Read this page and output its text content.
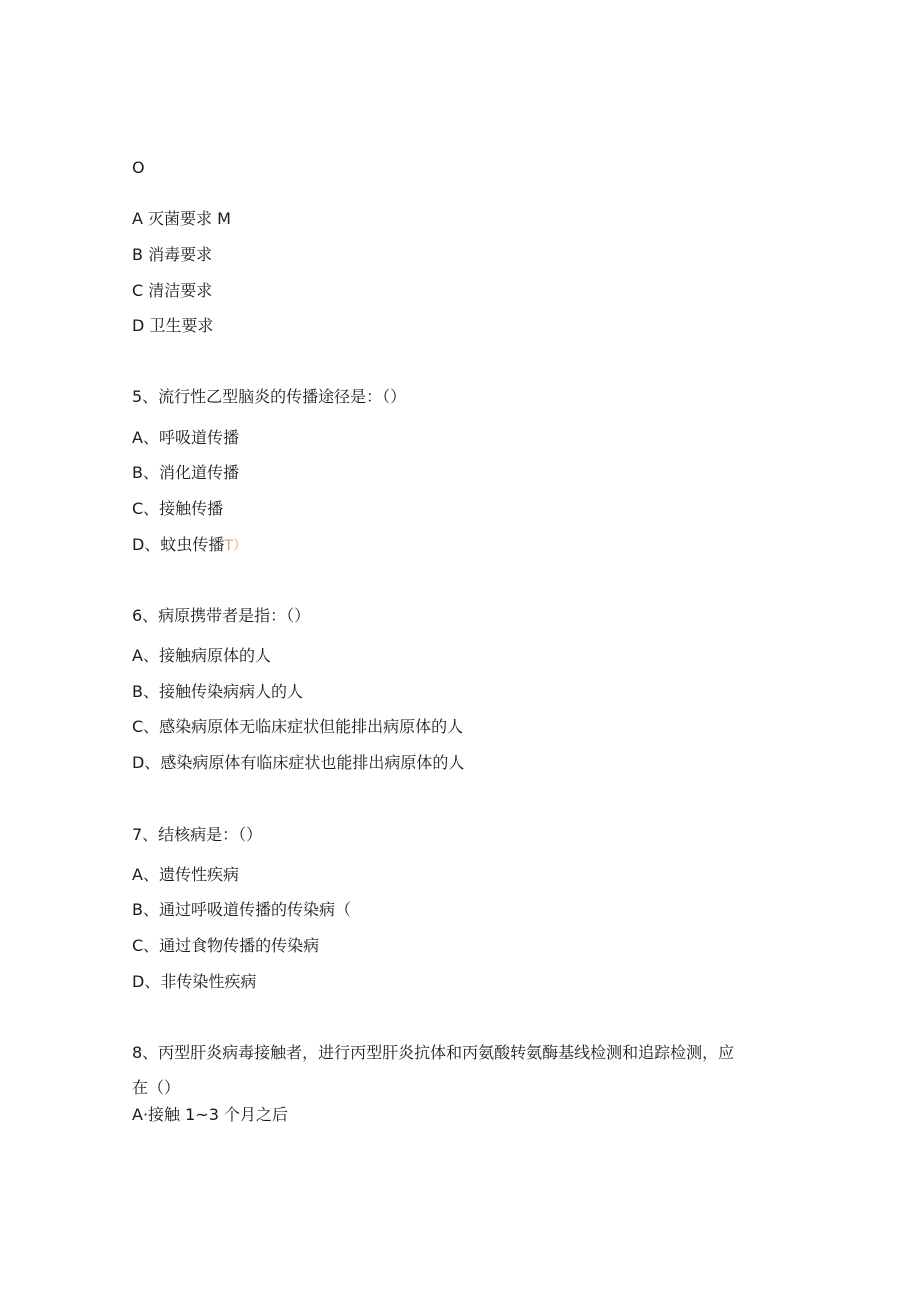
O
A 灭菌要求 M
B 消毒要求
C 清洁要求
D 卫生要求
5、流行性乙型脑炎的传播途径是：（）
A、呼吸道传播
B、消化道传播
C、接触传播
D、蚊虫传播T）
6、病原携带者是指：（）
A、接触病原体的人
B、接触传染病病人的人
C、感染病原体无临床症状但能排出病原体的人
D、感染病原体有临床症状也能排出病原体的人
7、结核病是：（）
A、遗传性疾病
B、通过呼吸道传播的传染病（
C、通过食物传播的传染病
D、非传染性疾病
8、丙型肝炎病毒接触者，进行丙型肝炎抗体和丙氨酸转氨酶基线检测和追踪检测，应
在（）
A·接触 1~3 个月之后
